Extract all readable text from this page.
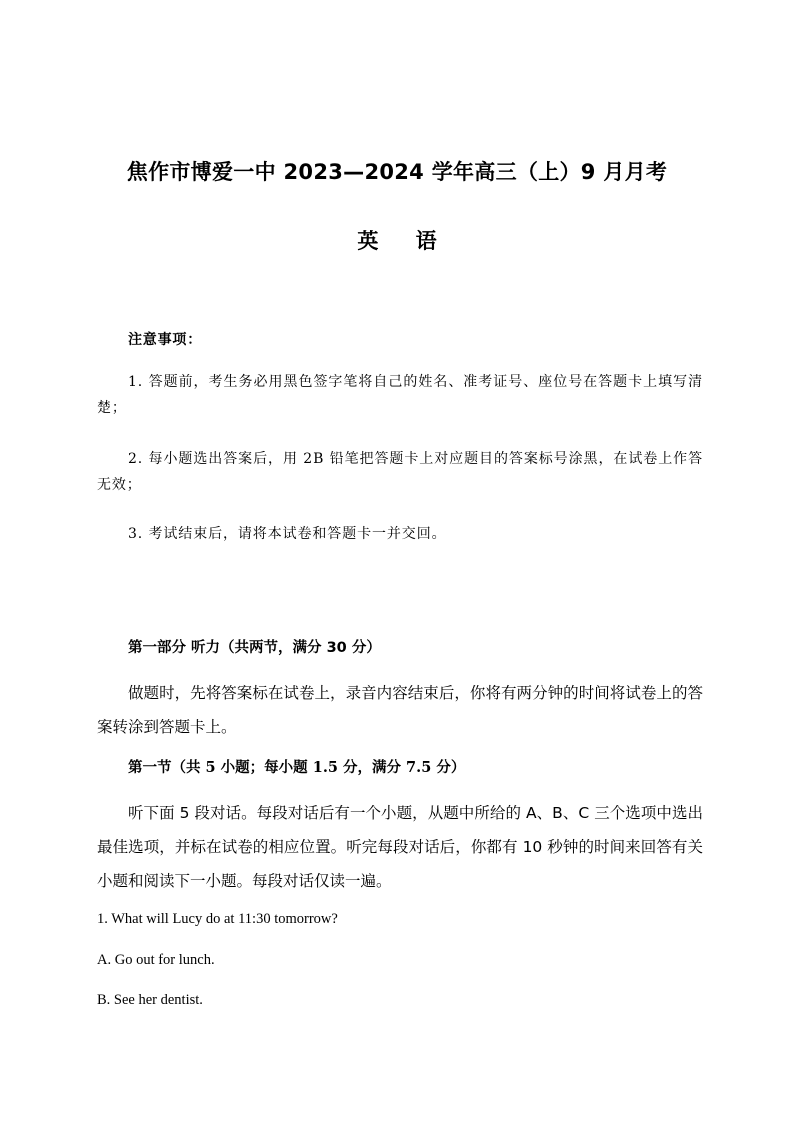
焦作市博爱一中 2023—2024 学年高三（上）9 月月考
英 语
注意事项：
1. 答题前，考生务必用黑色签字笔将自己的姓名、准考证号、座位号在答题卡上填写清楚；
2. 每小题选出答案后，用 2B 铅笔把答题卡上对应题目的答案标号涂黑，在试卷上作答无效；
3. 考试结束后，请将本试卷和答题卡一并交回。
第一部分 听力（共两节，满分 30 分）
做题时，先将答案标在试卷上，录音内容结束后，你将有两分钟的时间将试卷上的答案转涂到答题卡上。
第一节（共 5 小题；每小题 1.5 分，满分 7.5 分）
听下面 5 段对话。每段对话后有一个小题，从题中所给的 A、B、C 三个选项中选出最佳选项，并标在试卷的相应位置。听完每段对话后，你都有 10 秒钟的时间来回答有关小题和阅读下一小题。每段对话仅读一遍。
1. What will Lucy do at 11:30 tomorrow?
A. Go out for lunch.
B. See her dentist.
